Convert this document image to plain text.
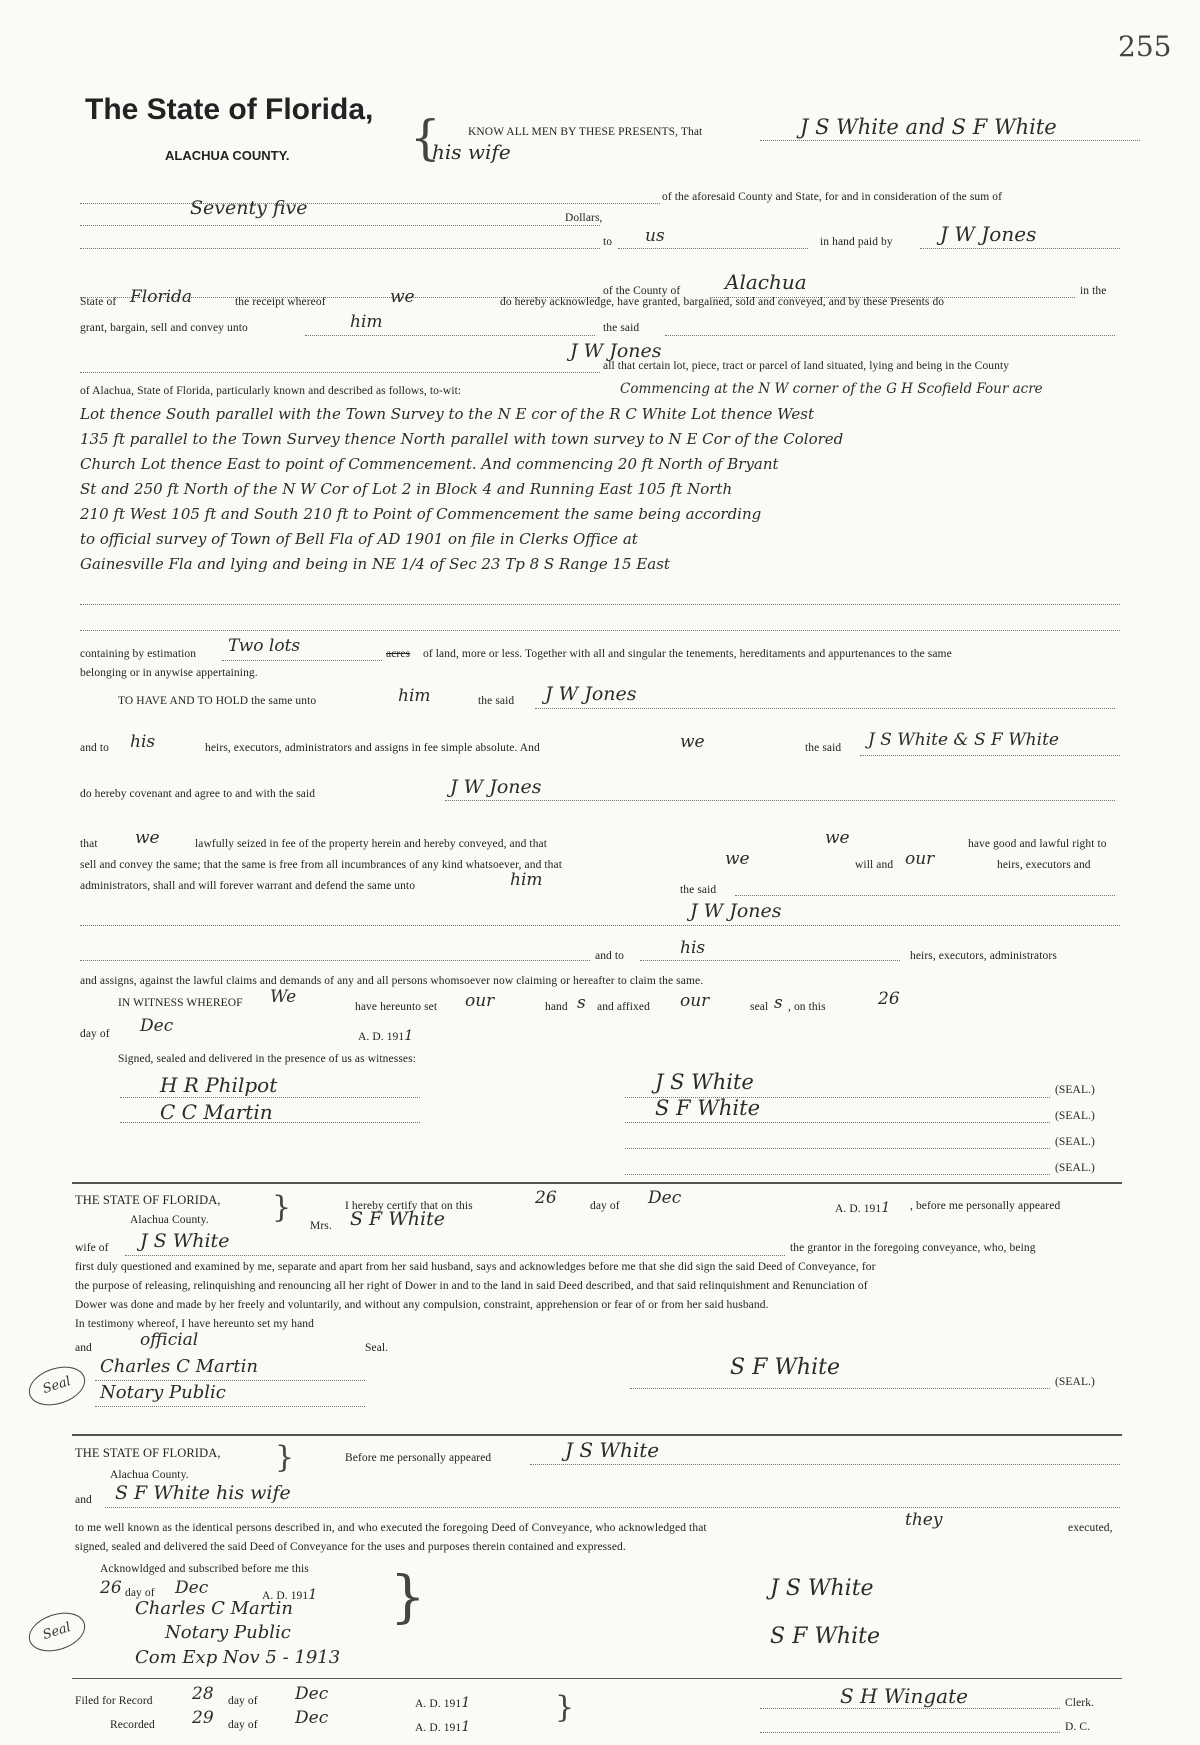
255
The State of Florida,
ALACHUA COUNTY.	{ KNOW ALL MEN BY THESE PRESENTS, That	J S White and S F White
his wife
of the aforesaid County and State, for and in consideration of the sum of
Seventy five	Dollars,
to us	in hand paid by J W Jones
of the County of Alachua	in the
State of Florida	the receipt whereof	we	do hereby acknowledge, have granted, bargained, sold and conveyed, and by these Presents do
grant, bargain, sell and convey unto	him	the said
J W Jones
all that certain lot, piece, tract or parcel of land situated, lying and being in the County
of Alachua, State of Florida, particularly known and described as follows, to-wit:	Commencing at the N W corner of the G H Scofield Four acre
Lot thence South parallel with the Town Survey to the N E cor of the R C White Lot thence West
135 ft parallel to the Town Survey thence North parallel with town survey to N E Cor of the Colored
Church Lot thence East to point of Commencement. And commencing 20 ft North of Bryant
St and 250 ft North of the N W Cor of Lot 2 in Block 4 and Running East 105 ft North
210 ft West 105 ft and South 210 ft to Point of Commencement the same being according
to official survey of Town of Bell Fla of AD 1901 on file in Clerks Office at
Gainesville Fla and lying and being in NE 1/4 of Sec 23 Tp 8 S Range 15 East
containing by estimation Two lots	acres of land, more or less. Together with all and singular the tenements, hereditaments and appurtenances to the same
belonging or in anywise appertaining.
TO HAVE AND TO HOLD the same unto	him	the said J W Jones
and to his	heirs, executors, administrators and assigns in fee simple absolute. And	we	the said J S White & S F White
do hereby covenant and agree to and with the said	J W Jones
that we	lawfully seized in fee of the property herein and hereby conveyed, and that	we	have good and lawful right to
sell and convey the same; that the same is free from all incumbrances of any kind whatsoever, and that	we	will and our	heirs, executors and
administrators, shall and will forever warrant and defend the same unto	him	the said
J W Jones
and to	his	heirs, executors, administrators
and assigns, against the lawful claims and demands of any and all persons whomsoever now claiming or hereafter to claim the same.
IN WITNESS WHEREOF We	have hereunto set our	hand s and affixed our	seal s , on this	26
day of Dec
A. D. 1911
Signed, sealed and delivered in the presence of us as witnesses:
H R Philpot
C C Martin
J S White
S F White
(SEAL.)
(SEAL.)
(SEAL.)
(SEAL.)
THE STATE OF FLORIDA,
Alachua County. }	I hereby certify that on this	26	day of Dec
A. D. 1911 , before me personally appeared
Mrs. S F White
wife of J S White	the grantor in the foregoing conveyance, who, being
first duly questioned and examined by me, separate and apart from her said husband, says and acknowledges before me that she did sign the said Deed of Conveyance, for
the purpose of releasing, relinquishing and renouncing all her right of Dower in and to the land in said Deed described, and that said relinquishment and Renunciation of
Dower was done and made by her freely and voluntarily, and without any compulsion, constraint, apprehension or fear of or from her said husband.
In testimony whereof, I have hereunto set my hand
and	official	Seal.
Seal
Charles C Martin
Notary Public
S F White
(SEAL.)
THE STATE OF FLORIDA,
Alachua County.	}	Before me personally appeared	J S White
and S F White his wife
to me well known as the identical persons described in, and who executed the foregoing Deed of Conveyance, who acknowledged that	they	executed,
signed, sealed and delivered the said Deed of Conveyance for the uses and purposes therein contained and expressed.
Acknowldged and subscribed before me this
26 day of Dec	A. D. 1911 }
Seal
Charles C Martin
Notary Public
Com Exp Nov 5 - 1913
J S White
S F White
Filed for Record 28 day of Dec	A. D. 1911
Recorded 29 day of Dec	A. D. 1911
}	S H Wingate	Clerk.
D. C.
